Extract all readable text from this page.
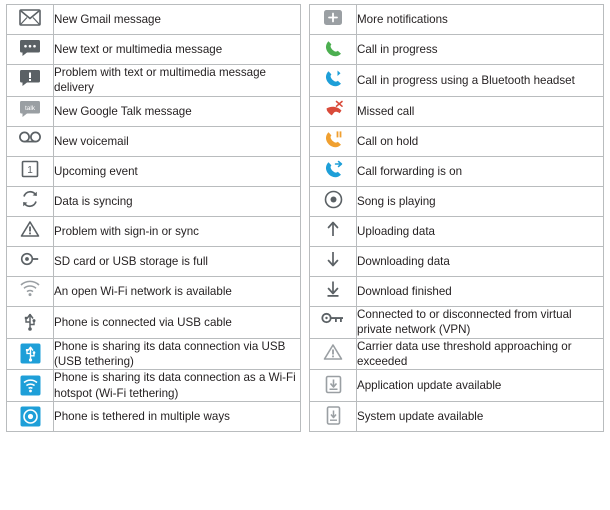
	New Gmail message			More notifications

	New text or multimedia message			Call in progress

	Problem with text or multimedia message delivery			Call in progress using a Bluetooth headset

talk	New Google Talk message			Missed call

	New voicemail			Call on hold

1	Upcoming event			Call forwarding is on

	Data is syncing			Song is playing

	Problem with sign-in or sync			Uploading data

	SD card or USB storage is full			Downloading data

	An open Wi-Fi network is available			Download finished

	Phone is connected via USB cable			Connected to or disconnected from virtual private network (VPN)

	Phone is sharing its data connection via USB (USB tethering)			Carrier data use threshold approaching or exceeded

	Phone is sharing its data connection as a Wi-Fi hotspot (Wi-Fi tethering)			Application update available

	Phone is tethered in multiple ways			System update available
